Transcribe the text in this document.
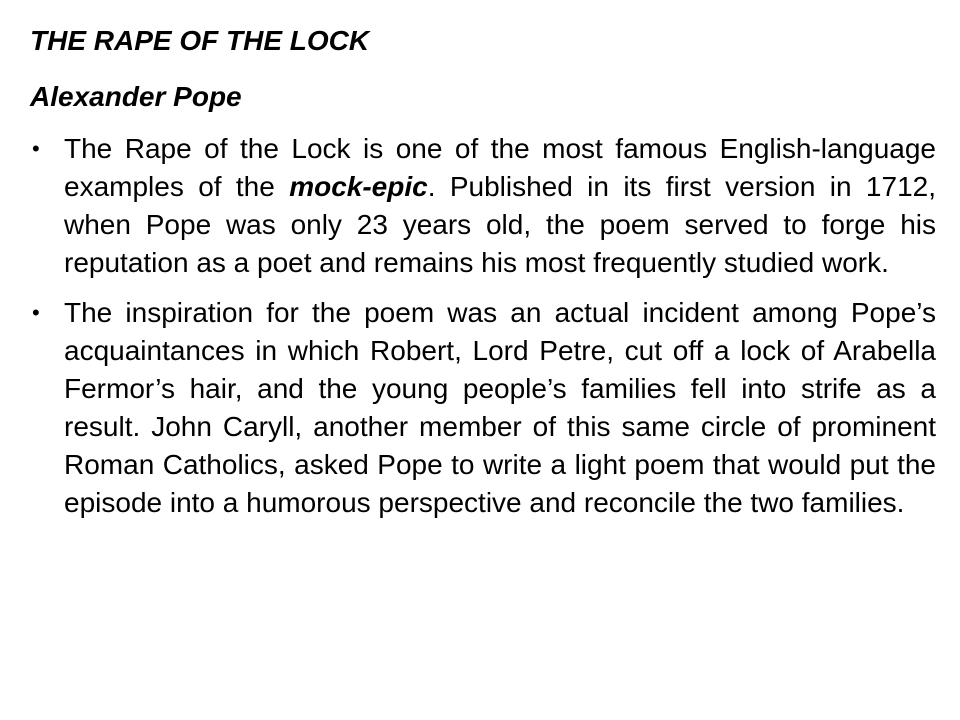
THE RAPE OF THE LOCK

Alexander Pope

• The Rape of the Lock is one of the most famous English-language examples of the mock-epic. Published in its first version in 1712, when Pope was only 23 years old, the poem served to forge his reputation as a poet and remains his most frequently studied work.
• The inspiration for the poem was an actual incident among Pope’s acquaintances in which Robert, Lord Petre, cut off a lock of Arabella Fermor’s hair, and the young people’s families fell into strife as a result. John Caryll, another member of this same circle of prominent Roman Catholics, asked Pope to write a light poem that would put the episode into a humorous perspective and reconcile the two families.
